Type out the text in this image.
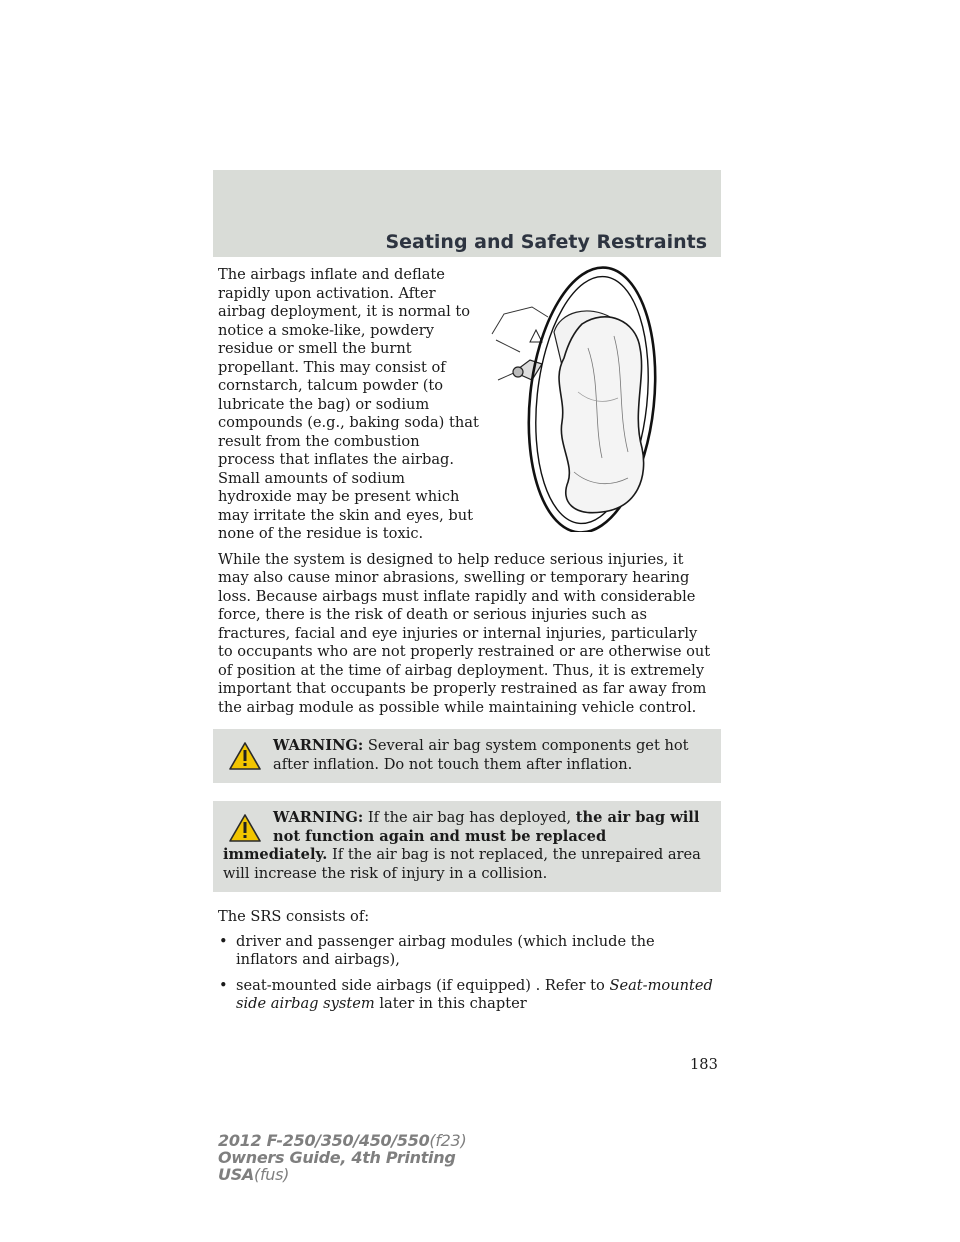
Seating and Safety Restraints

The airbags inflate and deflate rapidly upon activation. After airbag deployment, it is normal to notice a smoke-like, powdery residue or smell the burnt propellant. This may consist of cornstarch, talcum powder (to lubricate the bag) or sodium compounds (e.g., baking soda) that result from the combustion process that inflates the airbag. Small amounts of sodium hydroxide may be present which may irritate the skin and eyes, but none of the residue is toxic.

While the system is designed to help reduce serious injuries, it may also cause minor abrasions, swelling or temporary hearing loss. Because airbags must inflate rapidly and with considerable force, there is the risk of death or serious injuries such as fractures, facial and eye injuries or internal injuries, particularly to occupants who are not properly restrained or are otherwise out of position at the time of airbag deployment. Thus, it is extremely important that occupants be properly restrained as far away from the airbag module as possible while maintaining vehicle control.

WARNING: Several air bag system components get hot after inflation. Do not touch them after inflation.
WARNING: If the air bag has deployed, the air bag will not function again and must be replaced immediately. If the air bag is not replaced, the unrepaired area will increase the risk of injury in a collision.

The SRS consists of:

• driver and passenger airbag modules (which include the inflators and airbags),
• seat-mounted side airbags (if equipped) . Refer to Seat-mounted side airbag system later in this chapter
183
2012 F-250/350/450/550(f23)
Owners Guide, 4th Printing
USA(fus)
